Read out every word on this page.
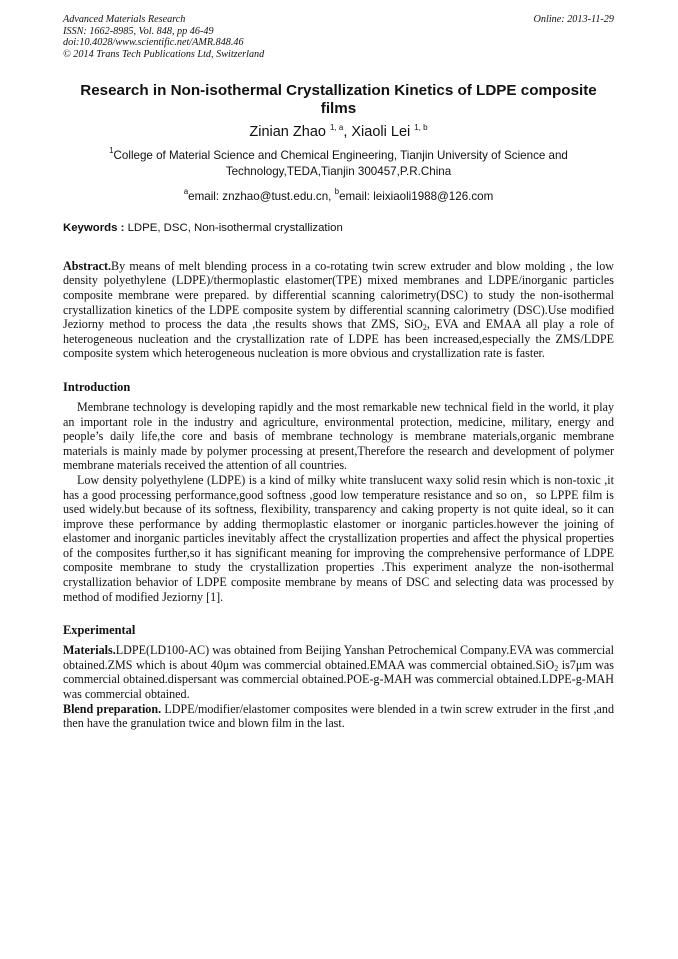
Advanced Materials Research
ISSN: 1662-8985, Vol. 848, pp 46-49
doi:10.4028/www.scientific.net/AMR.848.46
© 2014 Trans Tech Publications Ltd, Switzerland
Online: 2013-11-29
Research in Non-isothermal Crystallization Kinetics of LDPE composite films
Zinian Zhao $^{1, a}$, Xiaoli Lei $^{1, b}$
$^1$College of Material Science and Chemical Engineering, Tianjin University of Science and Technology,TEDA,Tianjin 300457,P.R.China
$^a$email: znzhao@tust.edu.cn, $^b$email: leixiaoli1988@126.com
Keywords : LDPE, DSC, Non-isothermal crystallization

Abstract.By means of melt blending process in a co-rotating twin screw extruder and blow molding , the low density polyethylene (LDPE)/thermoplastic elastomer(TPE) mixed membranes and LDPE/inorganic particles composite membrane were prepared. by differential scanning calorimetry(DSC) to study the non-isothermal crystallization kinetics of the LDPE composite system by differential scanning calorimetry (DSC).Use modified Jeziorny method to process the data ,the results shows that ZMS, SiO$_2$, EVA and EMAA all play a role of heterogeneous nucleation and the crystallization rate of LDPE has been increased,especially the ZMS/LDPE composite system which heterogeneous nucleation is more obvious and crystallization rate is faster.

Introduction

Membrane technology is developing rapidly and the most remarkable new technical field in the world, it play an important role in the industry and agriculture, environmental protection, medicine, military, energy and people’s daily life,the core and basis of membrane technology is membrane materials,organic membrane materials is mainly made by polymer processing at present,Therefore the research and development of polymer membrane materials received the attention of all countries.

Low density polyethylene (LDPE) is a kind of milky white translucent waxy solid resin which is non-toxic ,it has a good processing performance,good softness ,good low temperature resistance and so on，so LPPE film is used widely.but because of its softness, flexibility, transparency and caking property is not quite ideal, so it can improve these performance by adding thermoplastic elastomer or inorganic particles.however the joining of elastomer and inorganic particles inevitably affect the crystallization properties and affect the physical properties of the composites further,so it has significant meaning for improving the comprehensive performance of LDPE composite membrane to study the crystallization properties .This experiment analyze the non-isothermal crystallization behavior of LDPE composite membrane by means of DSC and selecting data was processed by method of modified Jeziorny [1].

Experimental

Materials.LDPE(LD100-AC) was obtained from Beijing Yanshan Petrochemical Company.EVA was commercial obtained.ZMS which is about 40μm was commercial obtained.EMAA was commercial obtained.SiO$_2$ is7μm was commercial obtained.dispersant was commercial obtained.POE-g-MAH was commercial obtained.LDPE-g-MAH was commercial obtained.

Blend preparation. LDPE/modifier/elastomer composites were blended in a twin screw extruder in the first ,and then have the granulation twice and blown film in the last.
